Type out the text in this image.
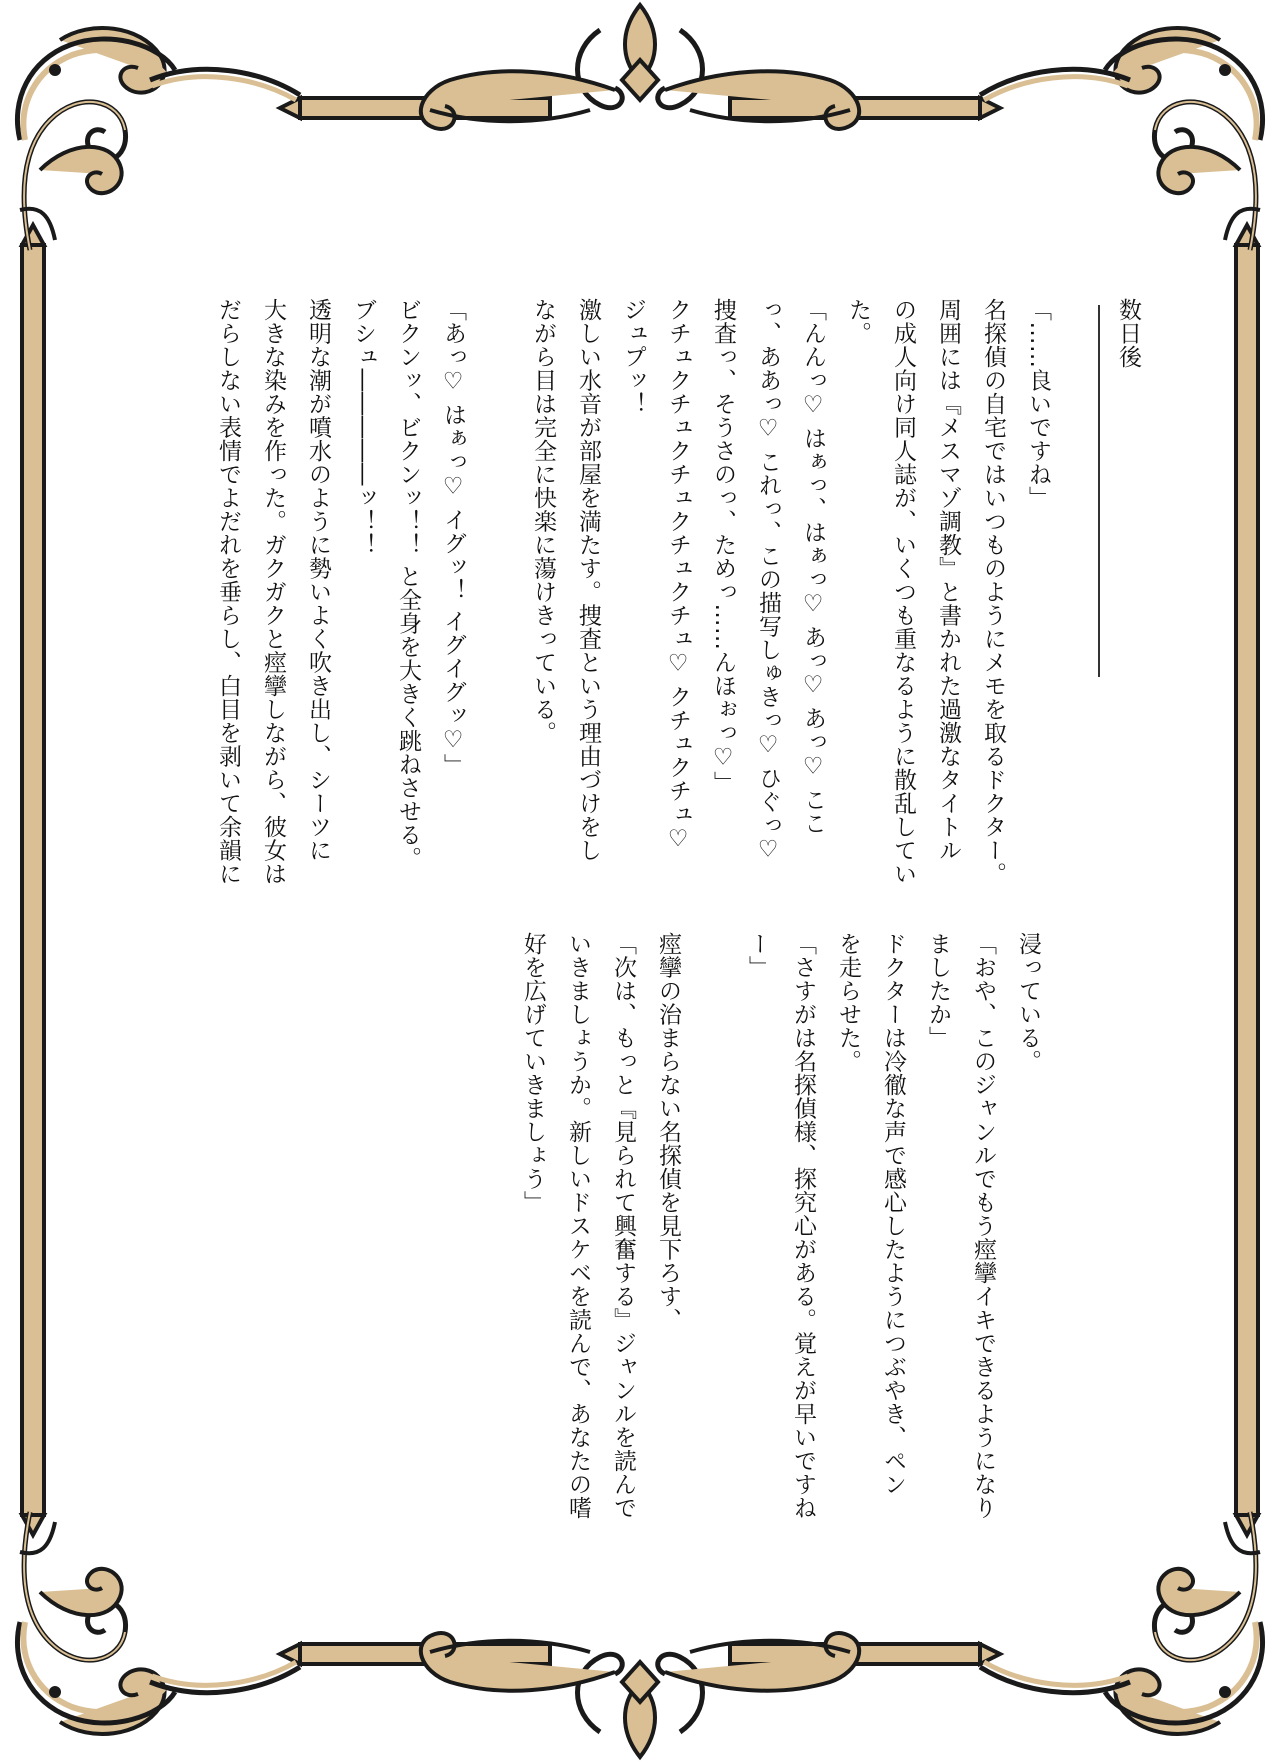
数日後

「……良いですね」

名探偵の自宅ではいつものようにメモを取るドクター。

周囲には『メスマゾ調教』と書かれた過激なタイトル

の成人向け同人誌が、いくつも重なるように散乱してい

た。

「んんっ♡ はぁっ、はぁっ♡ あっ♡ あっ♡ ここ

っ、ああっ♡ これっ、この描写しゅきっ♡ ひぐっ♡

捜査っ、そうさのっ、ためっ……んほぉっ♡」

クチュクチュクチュクチュクチュ♡ クチュクチュ♡

ジュプッ！

激しい水音が部屋を満たす。捜査という理由づけをし

ながら目は完全に快楽に蕩けきっている。

「あっ♡ はぁっ♡ イグッ！ イグイグッ♡」

ビクンッ、ビクンッ！！ と全身を大きく跳ねさせる。

ブシュ―――――ッ！！

透明な潮が噴水のように勢いよく吹き出し、シーツに

大きな染みを作った。ガクガクと痙攣しながら、彼女は

だらしない表情でよだれを垂らし、白目を剥いて余韻に

浸っている。

「おや、このジャンルでもう痙攣イキできるようになり

ましたか」

ドクターは冷徹な声で感心したようにつぶやき、ペン

を走らせた。

「さすがは名探偵様、探究心がある。覚えが早いですね

ー」

痙攣の治まらない名探偵を見下ろす、

「次は、もっと『見られて興奮する』ジャンルを読んで

いきましょうか。新しいドスケベを読んで、あなたの嗜

好を広げていきましょう」
